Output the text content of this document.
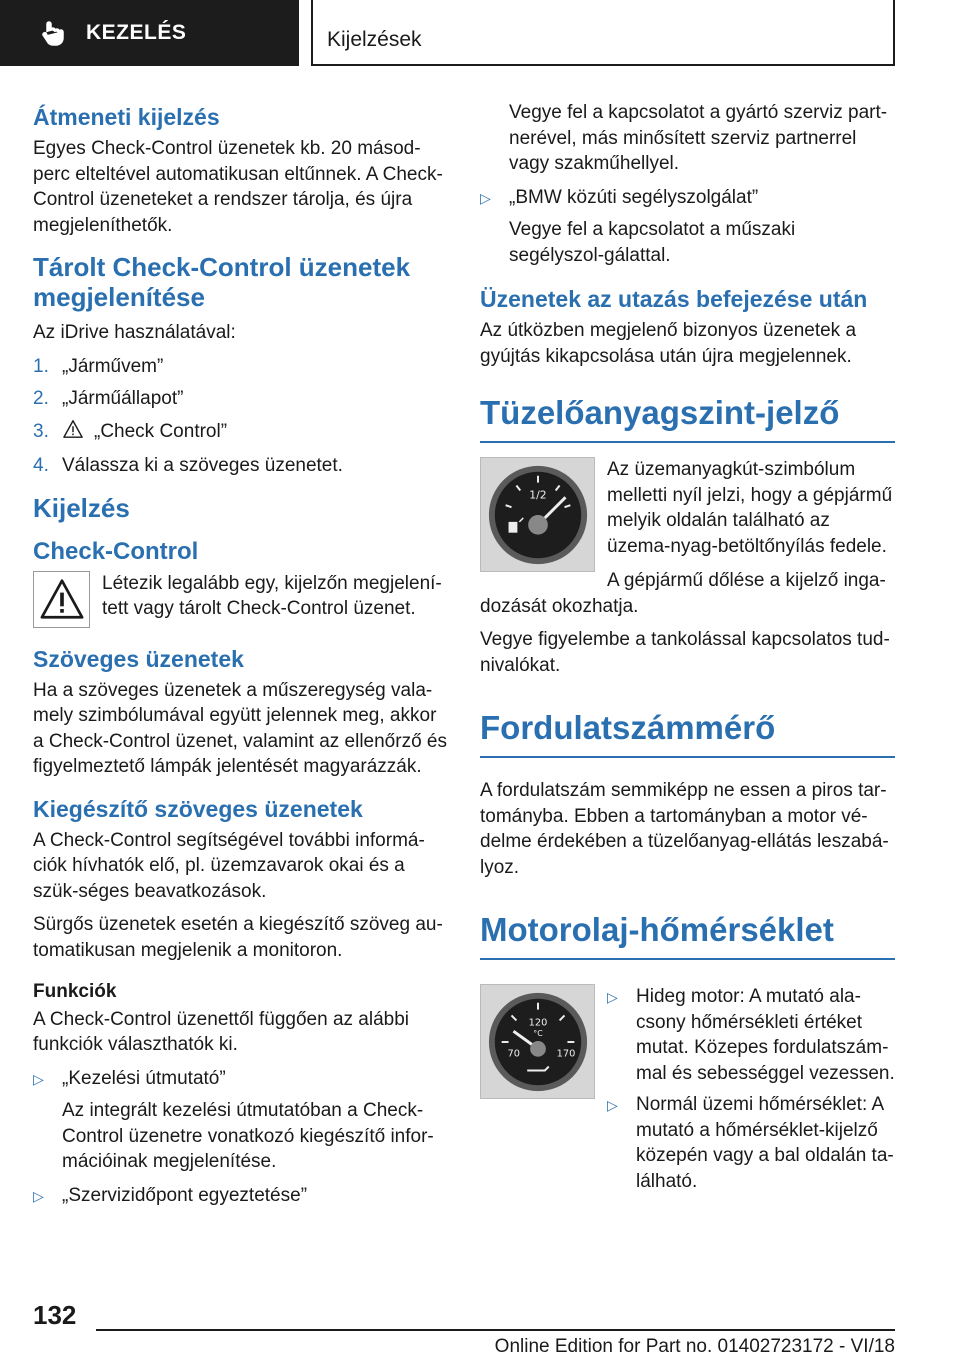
KEZELÉS	Kijelzések
Átmeneti kijelzés

Egyes Check-Control üzenetek kb. 20 másod-perc elteltével automatikusan eltűnnek. A Check-Control üzeneteket a rendszer tárolja, és újra megjeleníthetők.

Tárolt Check-Control üzenetek megjelenítése

Az iDrive használatával:

1. „Járművem”
2. „Járműállapot”
3.	„Check Control”
4. Válassza ki a szöveges üzenetet.
Kijelzés
Check-Control

Létezik legalább egy, kijelzőn megjelení-tett vagy tárolt Check-Control üzenet.

Szöveges üzenetek

Ha a szöveges üzenetek a műszeregység vala-mely szimbólumával együtt jelennek meg, akkor a Check-Control üzenet, valamint az ellenőrző és figyelmeztető lámpák jelentését magyarázzák.

Kiegészítő szöveges üzenetek

A Check-Control segítségével további informá-ciók hívhatók elő, pl. üzemzavarok okai és a szük-séges beavatkozások.

Sürgős üzenetek esetén a kiegészítő szöveg au-tomatikusan megjelenik a monitoron.

Funkciók

A Check-Control üzenettől függően az alábbi funkciók választhatók ki.

▷ „Kezelési útmutató”

Az integrált kezelési útmutatóban a Check-Control üzenetre vonatkozó kiegészítő infor-mációinak megjelenítése.

▷ „Szervizidőpont egyeztetése”

Vegye fel a kapcsolatot a gyártó szerviz part-nerével, más minősített szerviz partnerrel vagy szakműhellyel.

▷ „BMW közúti segélyszolgálat”

Vegye fel a kapcsolatot a műszaki segélyszol-gálattal.

Üzenetek az utazás befejezése után

Az útközben megjelenő bizonyos üzenetek a gyújtás kikapcsolása után újra megjelennek.

Tüzelőanyagszint-jelző
1/2

Az üzemanyagkút-szimbólum melletti nyíl jelzi, hogy a gépjármű melyik oldalán található az üzema-nyag-betöltőnyílás fedele.

A gépjármű dőlése a kijelző inga-dozását okozhatja.

Vegye figyelembe a tankolással kapcsolatos tud-nivalókat.

Fordulatszámmérő

A fordulatszám semmiképp ne essen a piros tar-tományba. Ebben a tartományban a motor vé-delme érdekében a tüzelőanyag-ellátás leszabá-lyoz.

Motorolaj-hőmérséklet
120
°C
70	170
▷ Hideg motor: A mutató ala-csony hőmérsékleti értéket mutat. Közepes fordulatszám-mal és sebességgel vezessen.
▷ Normál üzemi hőmérséklet: A mutató a hőmérséklet-kijelző közepén vagy a bal oldalán ta-lálható.
132
Online Edition for Part no. 01402723172 - VI/18
